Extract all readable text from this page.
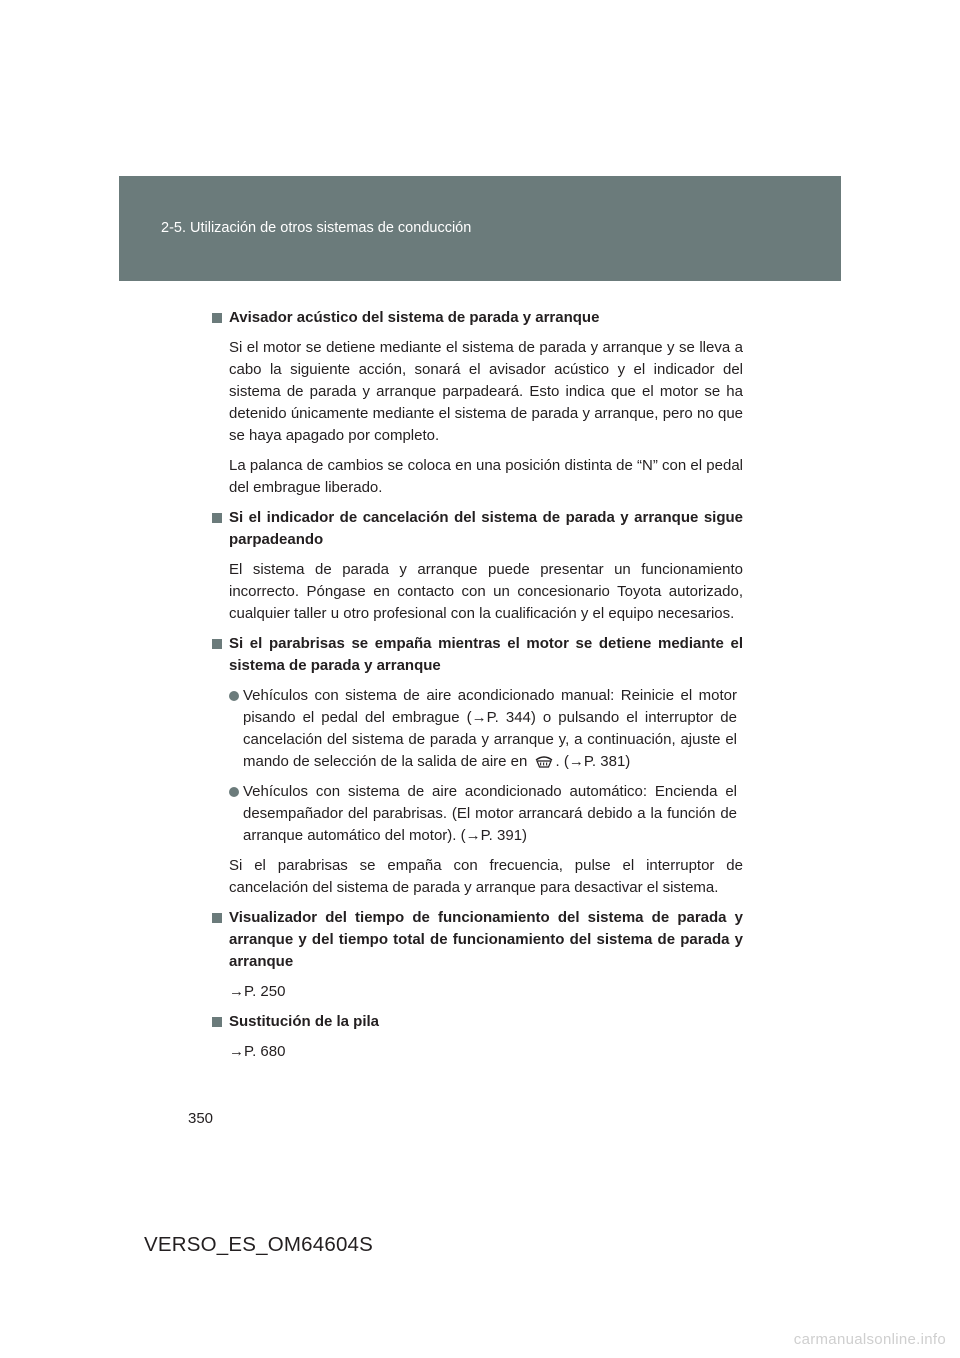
2-5. Utilización de otros sistemas de conducción
Avisador acústico del sistema de parada y arranque

Si el motor se detiene mediante el sistema de parada y arranque y se lleva a cabo la siguiente acción, sonará el avisador acústico y el indicador del sistema de parada y arranque parpadeará. Esto indica que el motor se ha detenido únicamente mediante el sistema de parada y arranque, pero no que se haya apagado por completo.

La palanca de cambios se coloca en una posición distinta de “N” con el pedal del embrague liberado.

Si el indicador de cancelación del sistema de parada y arranque sigue parpadeando

El sistema de parada y arranque puede presentar un funcionamiento incorrecto. Póngase en contacto con un concesionario Toyota autorizado, cualquier taller u otro profesional con la cualificación y el equipo necesarios.

Si el parabrisas se empaña mientras el motor se detiene mediante el sistema de parada y arranque
Vehículos con sistema de aire acondicionado manual: Reinicie el motor pisando el pedal del embrague (→P. 344) o pulsando el interruptor de cancelación del sistema de parada y arranque y, a continuación, ajuste el mando de selección de la salida de aire en . (→P. 381)
Vehículos con sistema de aire acondicionado automático: Encienda el desempañador del parabrisas. (El motor arrancará debido a la función de arranque automático del motor). (→P. 391)

Si el parabrisas se empaña con frecuencia, pulse el interruptor de cancelación del sistema de parada y arranque para desactivar el sistema.

Visualizador del tiempo de funcionamiento del sistema de parada y arranque y del tiempo total de funcionamiento del sistema de parada y arranque

→P. 250

Sustitución de la pila

→P. 680

350
VERSO_ES_OM64604S
carmanualsonline.info
